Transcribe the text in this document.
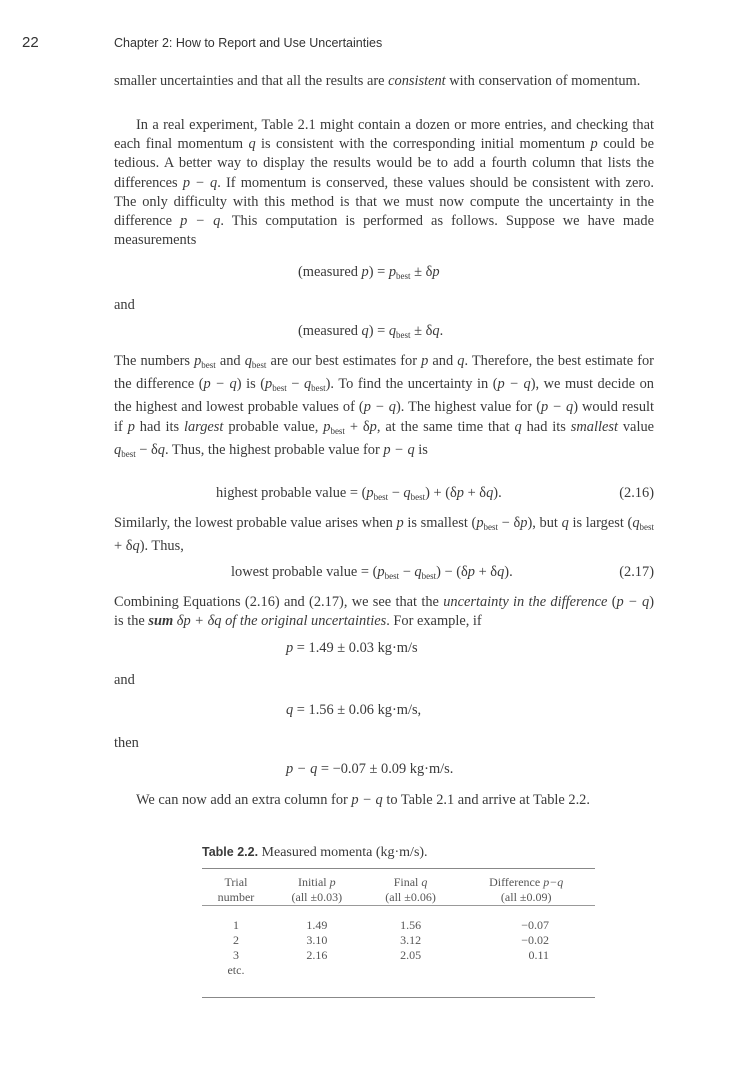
22	Chapter 2: How to Report and Use Uncertainties

smaller uncertainties and that all the results are consistent with conservation of momentum.

In a real experiment, Table 2.1 might contain a dozen or more entries, and checking that each final momentum q is consistent with the corresponding initial momentum p could be tedious. A better way to display the results would be to add a fourth column that lists the differences p − q. If momentum is conserved, these values should be consistent with zero. The only difficulty with this method is that we must now compute the uncertainty in the difference p − q. This computation is performed as follows. Suppose we have made measurements

(measured $p) = p_{best} \pm \delta p$
and
(measured $q) = q_{best} \pm \delta q$.

The numbers $p_{best}$ and $q_{best}$ are our best estimates for p and q. Therefore, the best estimate for the difference (p − q) is $(p_{best} - q_{best})$. To find the uncertainty in (p − q), we must decide on the highest and lowest probable values of (p − q). The highest value for (p − q) would result if p had its largest probable value, $p_{best} + \delta p$, at the same time that q had its smallest value $q_{best} - \delta q$. Thus, the highest probable value for p − q is

highest probable value = $(p_{best} - q_{best}) + (\delta p + \delta q)$.	(2.16)

Similarly, the lowest probable value arises when p is smallest $(p_{best} - \delta p)$, but q is largest $(q_{best} + \delta q)$. Thus,

lowest probable value = $(p_{best} - q_{best}) - (\delta p + \delta q)$.	(2.17)

Combining Equations (2.16) and (2.17), we see that the uncertainty in the difference (p − q) is the sum δp + δq of the original uncertainties. For example, if

p = 1.49 ± 0.03 kg·m/s
and
q = 1.56 ± 0.06 kg·m/s,
then
p − q = −0.07 ± 0.09 kg·m/s.

We can now add an extra column for p − q to Table 2.1 and arrive at Table 2.2.

Table 2.2. Measured momenta (kg·m/s).
Trial	Initial p	Final q	Difference p−q
number	(all ±0.03)	(all ±0.06)	(all ±0.09)

1	1.49	1.56	−0.07
2	3.10	3.12	−0.02
3	2.16	2.05	0.11
etc.			
